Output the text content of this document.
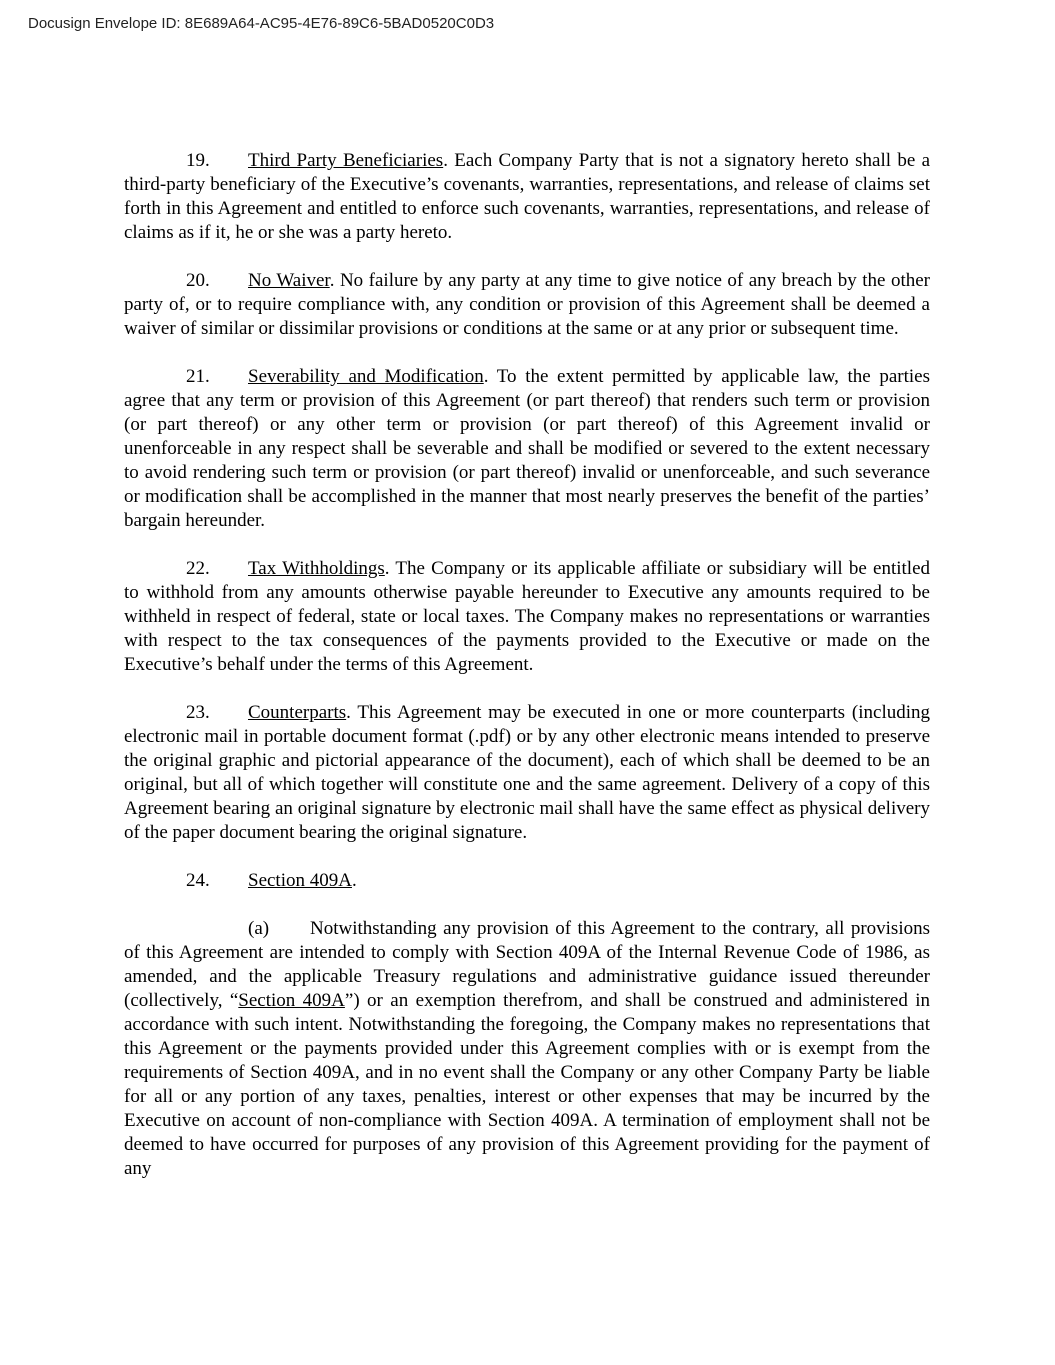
Docusign Envelope ID: 8E689A64-AC95-4E76-89C6-5BAD0520C0D3

19. Third Party Beneficiaries. Each Company Party that is not a signatory hereto shall be a third-party beneficiary of the Executive’s covenants, warranties, representations, and release of claims set forth in this Agreement and entitled to enforce such covenants, warranties, representations, and release of claims as if it, he or she was a party hereto.

20. No Waiver. No failure by any party at any time to give notice of any breach by the other party of, or to require compliance with, any condition or provision of this Agreement shall be deemed a waiver of similar or dissimilar provisions or conditions at the same or at any prior or subsequent time.

21. Severability and Modification. To the extent permitted by applicable law, the parties agree that any term or provision of this Agreement (or part thereof) that renders such term or provision (or part thereof) or any other term or provision (or part thereof) of this Agreement invalid or unenforceable in any respect shall be severable and shall be modified or severed to the extent necessary to avoid rendering such term or provision (or part thereof) invalid or unenforceable, and such severance or modification shall be accomplished in the manner that most nearly preserves the benefit of the parties’ bargain hereunder.

22. Tax Withholdings. The Company or its applicable affiliate or subsidiary will be entitled to withhold from any amounts otherwise payable hereunder to Executive any amounts required to be withheld in respect of federal, state or local taxes. The Company makes no representations or warranties with respect to the tax consequences of the payments provided to the Executive or made on the Executive’s behalf under the terms of this Agreement.

23. Counterparts. This Agreement may be executed in one or more counterparts (including electronic mail in portable document format (.pdf) or by any other electronic means intended to preserve the original graphic and pictorial appearance of the document), each of which shall be deemed to be an original, but all of which together will constitute one and the same agreement. Delivery of a copy of this Agreement bearing an original signature by electronic mail shall have the same effect as physical delivery of the paper document bearing the original signature.

24. Section 409A.

(a) Notwithstanding any provision of this Agreement to the contrary, all provisions of this Agreement are intended to comply with Section 409A of the Internal Revenue Code of 1986, as amended, and the applicable Treasury regulations and administrative guidance issued thereunder (collectively, “Section 409A”) or an exemption therefrom, and shall be construed and administered in accordance with such intent. Notwithstanding the foregoing, the Company makes no representations that this Agreement or the payments provided under this Agreement complies with or is exempt from the requirements of Section 409A, and in no event shall the Company or any other Company Party be liable for all or any portion of any taxes, penalties, interest or other expenses that may be incurred by the Executive on account of non-compliance with Section 409A. A termination of employment shall not be deemed to have occurred for purposes of any provision of this Agreement providing for the payment of any
